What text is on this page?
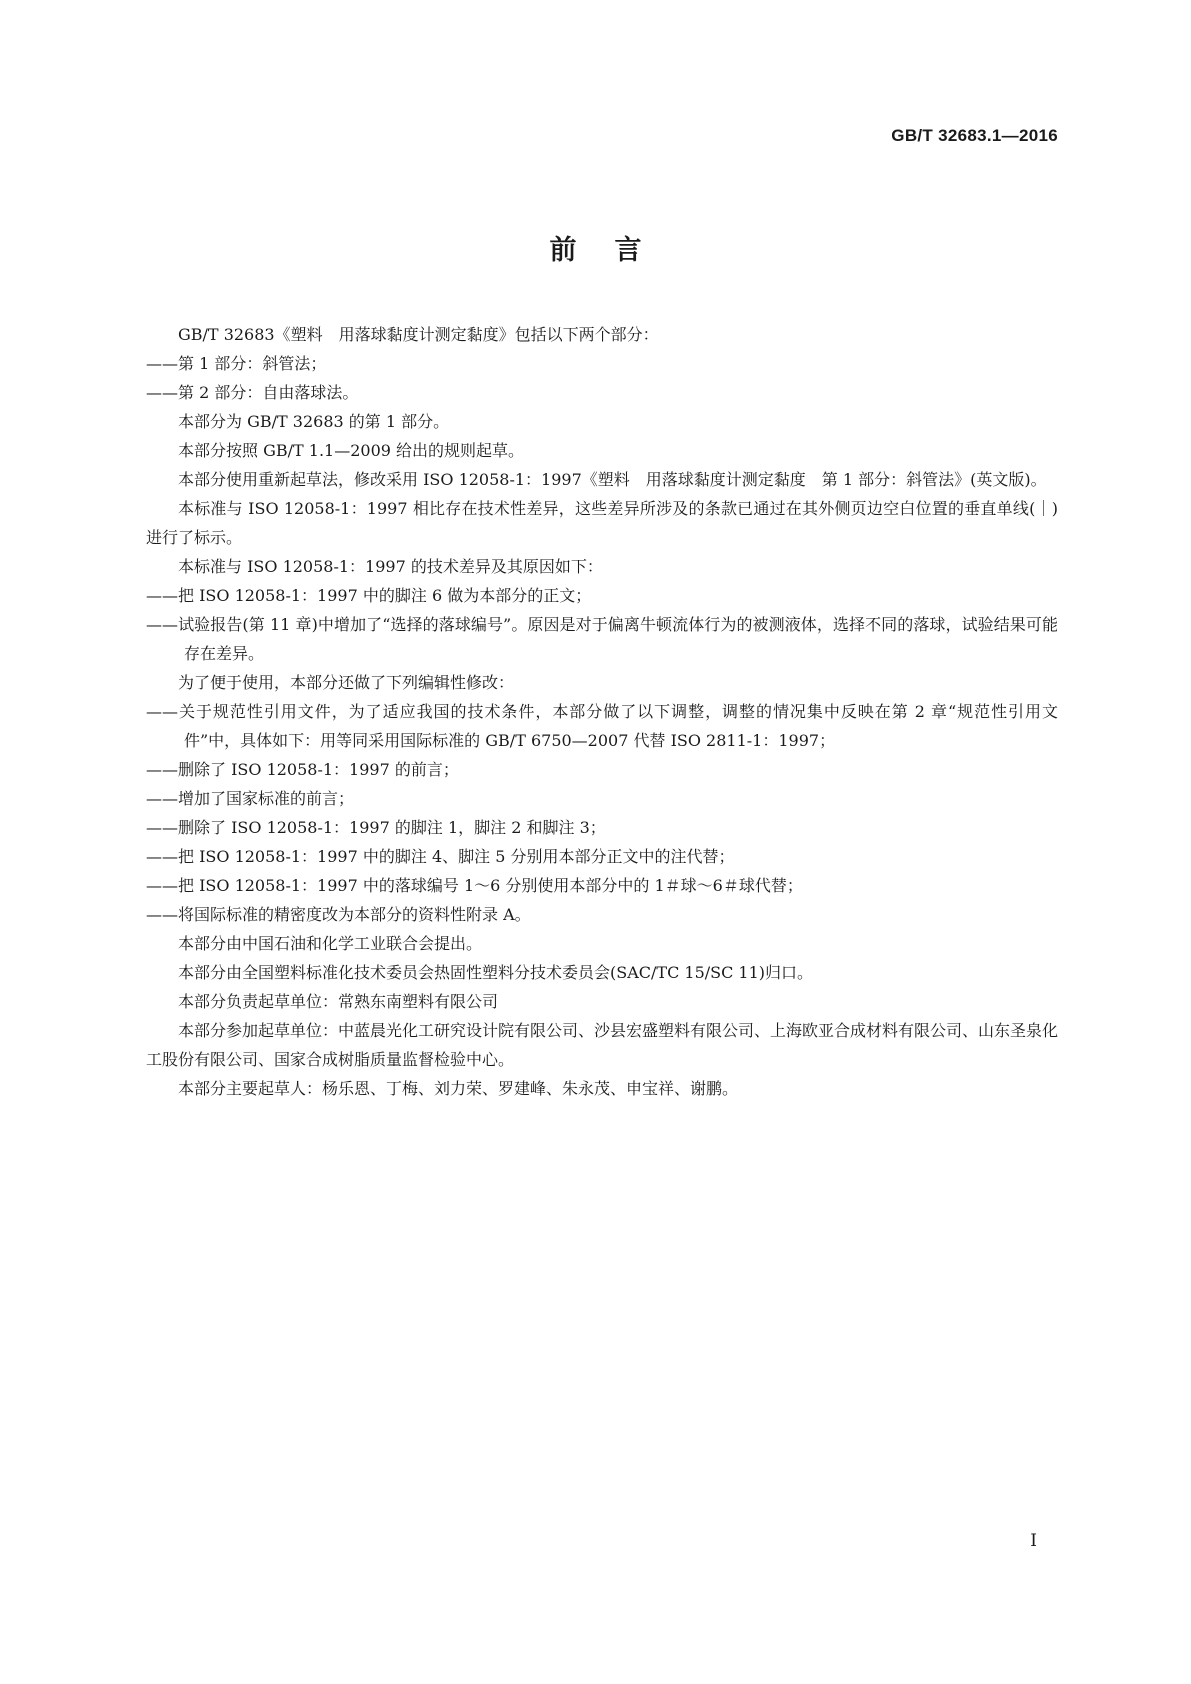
GB/T 32683.1—2016
前言

GB/T 32683《塑料　用落球黏度计测定黏度》包括以下两个部分：

——第 1 部分：斜管法；

——第 2 部分：自由落球法。

本部分为 GB/T 32683 的第 1 部分。

本部分按照 GB/T 1.1—2009 给出的规则起草。

本部分使用重新起草法，修改采用 ISO 12058-1：1997《塑料　用落球黏度计测定黏度　第 1 部分：斜管法》(英文版)。

本标准与 ISO 12058-1：1997 相比存在技术性差异，这些差异所涉及的条款已通过在其外侧页边空白位置的垂直单线(｜)进行了标示。

本标准与 ISO 12058-1：1997 的技术差异及其原因如下：

——把 ISO 12058-1：1997 中的脚注 6 做为本部分的正文；

——试验报告(第 11 章)中增加了“选择的落球编号”。原因是对于偏离牛顿流体行为的被测液体，选择不同的落球，试验结果可能存在差异。

为了便于使用，本部分还做了下列编辑性修改：

——关于规范性引用文件，为了适应我国的技术条件，本部分做了以下调整，调整的情况集中反映在第 2 章“规范性引用文件”中，具体如下：用等同采用国际标准的 GB/T 6750—2007 代替 ISO 2811-1：1997；

——删除了 ISO 12058-1：1997 的前言；

——增加了国家标准的前言；

——删除了 ISO 12058-1：1997 的脚注 1，脚注 2 和脚注 3；

——把 ISO 12058-1：1997 中的脚注 4、脚注 5 分别用本部分正文中的注代替；

——把 ISO 12058-1：1997 中的落球编号 1～6 分别使用本部分中的 1＃球～6＃球代替；

——将国际标准的精密度改为本部分的资料性附录 A。

本部分由中国石油和化学工业联合会提出。

本部分由全国塑料标准化技术委员会热固性塑料分技术委员会(SAC/TC 15/SC 11)归口。

本部分负责起草单位：常熟东南塑料有限公司

本部分参加起草单位：中蓝晨光化工研究设计院有限公司、沙县宏盛塑料有限公司、上海欧亚合成材料有限公司、山东圣泉化工股份有限公司、国家合成树脂质量监督检验中心。

本部分主要起草人：杨乐恩、丁梅、刘力荣、罗建峰、朱永茂、申宝祥、谢鹏。

I
